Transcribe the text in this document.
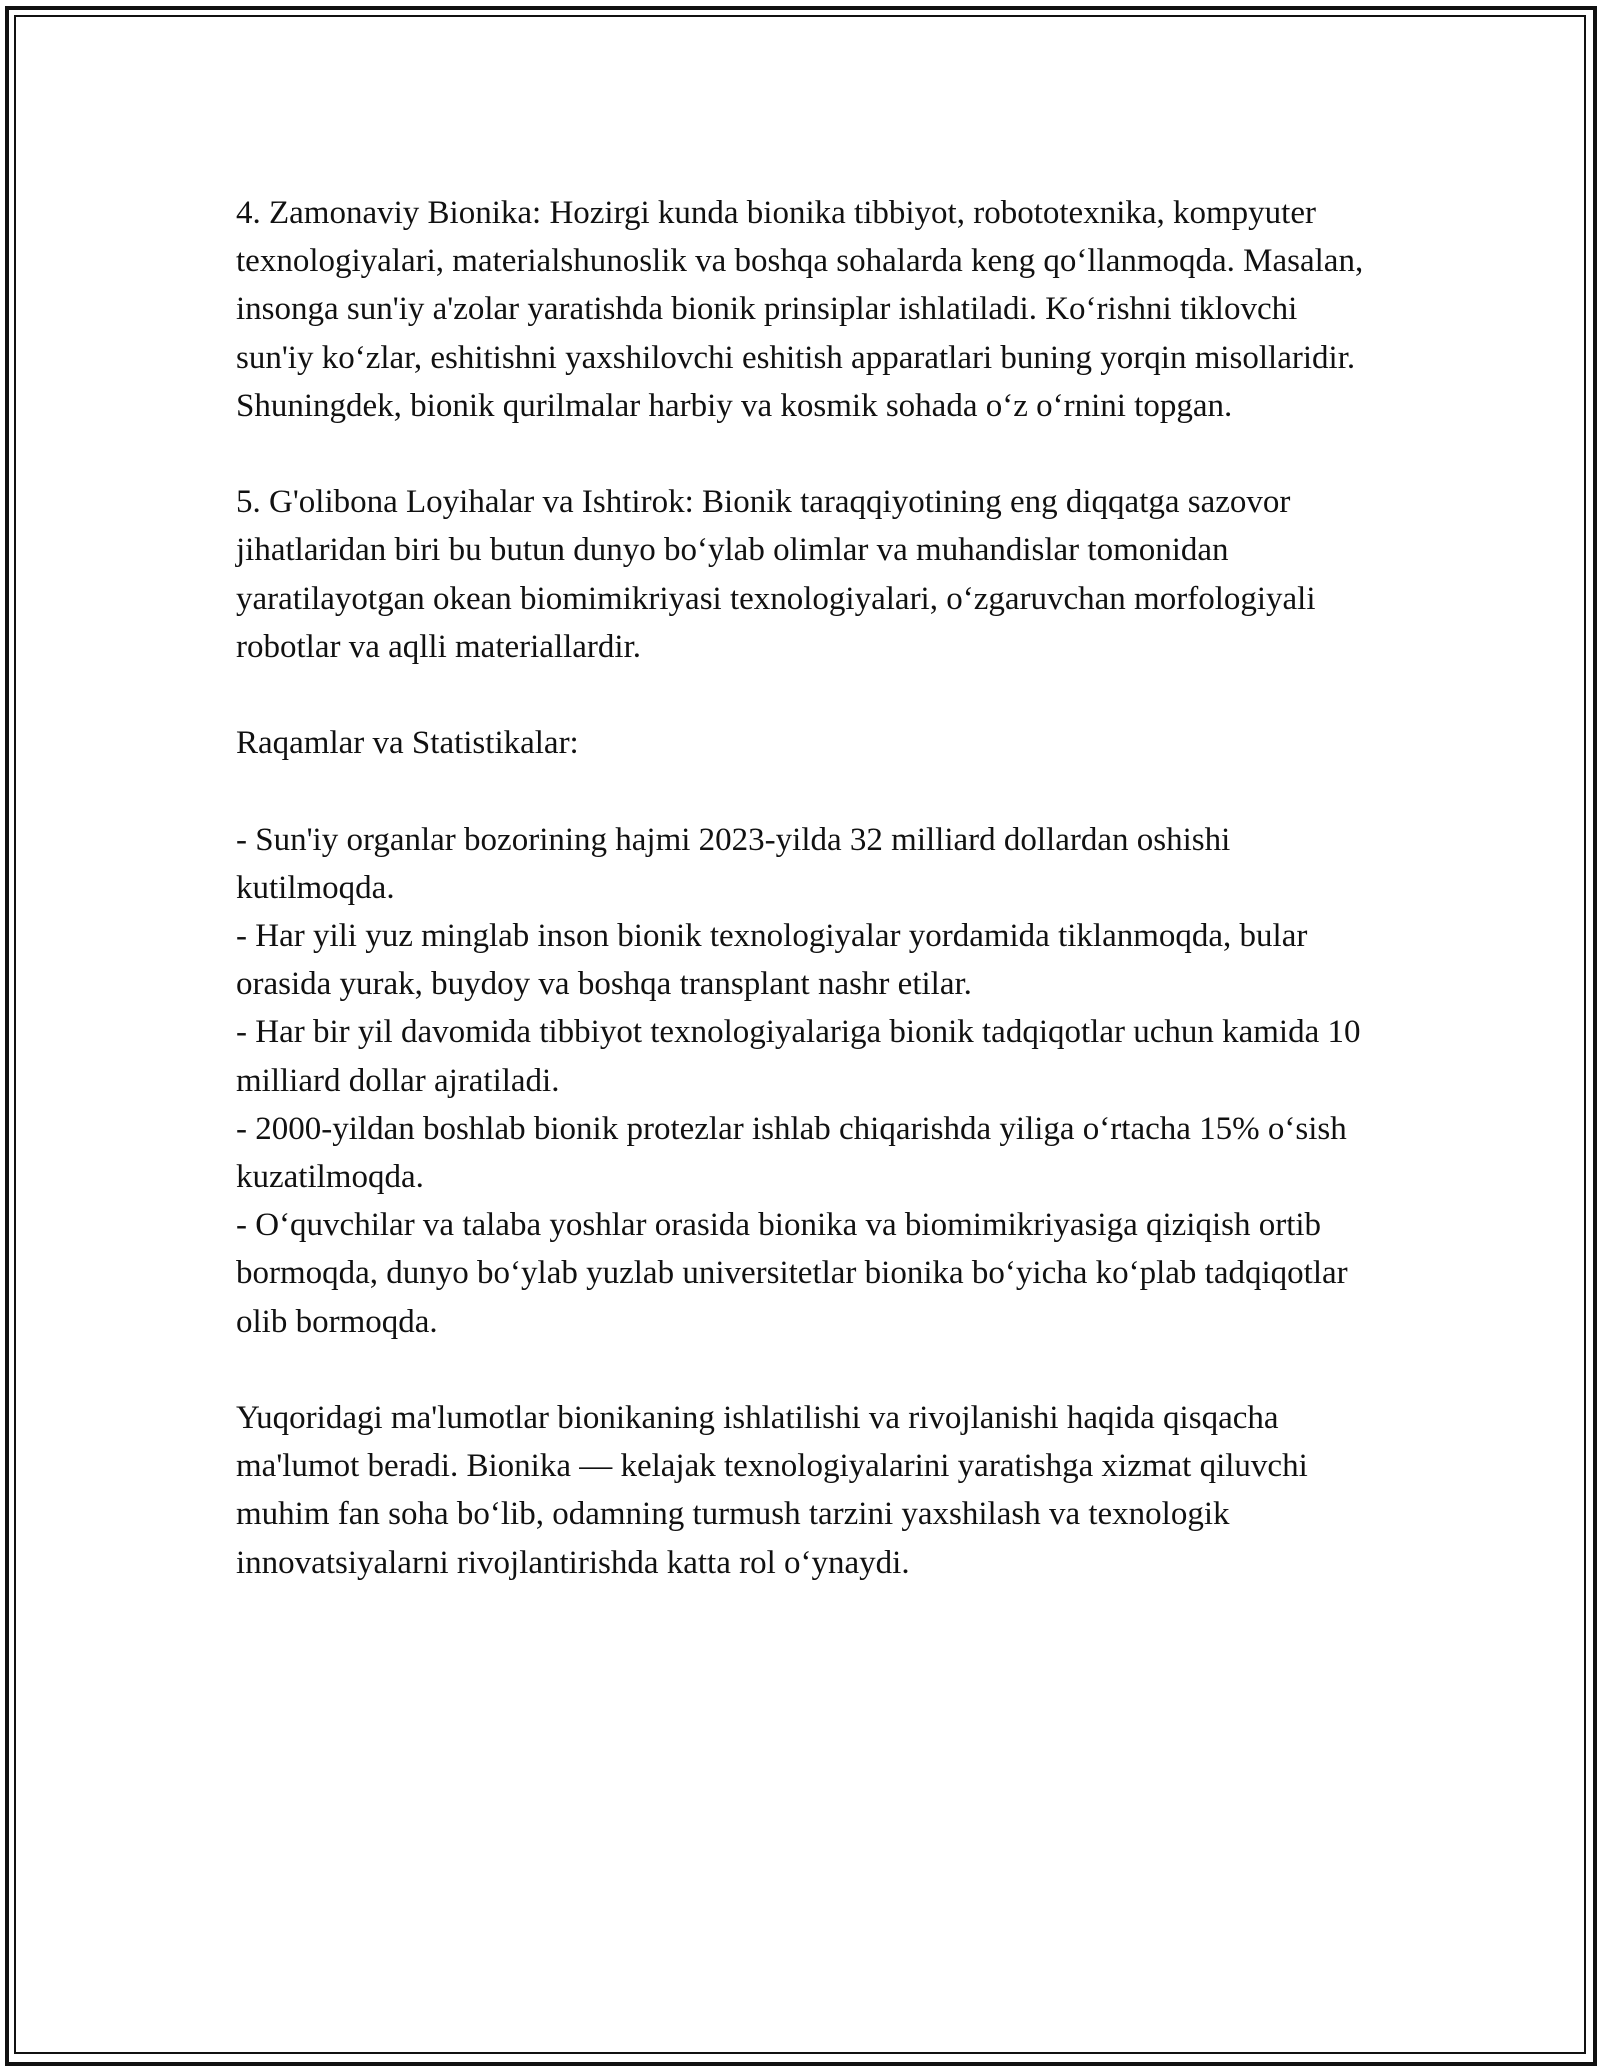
4. Zamonaviy Bionika: Hozirgi kunda bionika tibbiyot, robototexnika, kompyuter texnologiyalari, materialshunoslik va boshqa sohalarda keng qo‘llanmoqda. Masalan, insonga sun'iy a'zolar yaratishda bionik prinsiplar ishlatiladi. Ko‘rishni tiklovchi sun'iy ko‘zlar, eshitishni yaxshilovchi eshitish apparatlari buning yorqin misollaridir. Shuningdek, bionik qurilmalar harbiy va kosmik sohada o‘z o‘rnini topgan.

5. G'olibona Loyihalar va Ishtirok: Bionik taraqqiyotining eng diqqatga sazovor jihatlaridan biri bu butun dunyo bo‘ylab olimlar va muhandislar tomonidan yaratilayotgan okean biomimikriyasi texnologiyalari, o‘zgaruvchan morfologiyali robotlar va aqlli materiallardir.

Raqamlar va Statistikalar:

- Sun'iy organlar bozorining hajmi 2023-yilda 32 milliard dollardan oshishi kutilmoqda.

- Har yili yuz minglab inson bionik texnologiyalar yordamida tiklanmoqda, bular orasida yurak, buydoy va boshqa transplant nashr etilar.

- Har bir yil davomida tibbiyot texnologiyalariga bionik tadqiqotlar uchun kamida 10 milliard dollar ajratiladi.

- 2000-yildan boshlab bionik protezlar ishlab chiqarishda yiliga o‘rtacha 15% o‘sish kuzatilmoqda.

- O‘quvchilar va talaba yoshlar orasida bionika va biomimikriyasiga qiziqish ortib bormoqda, dunyo bo‘ylab yuzlab universitetlar bionika bo‘yicha ko‘plab tadqiqotlar olib bormoqda.

Yuqoridagi ma'lumotlar bionikaning ishlatilishi va rivojlanishi haqida qisqacha ma'lumot beradi. Bionika — kelajak texnologiyalarini yaratishga xizmat qiluvchi muhim fan soha bo‘lib, odamning turmush tarzini yaxshilash va texnologik innovatsiyalarni rivojlantirishda katta rol o‘ynaydi.
